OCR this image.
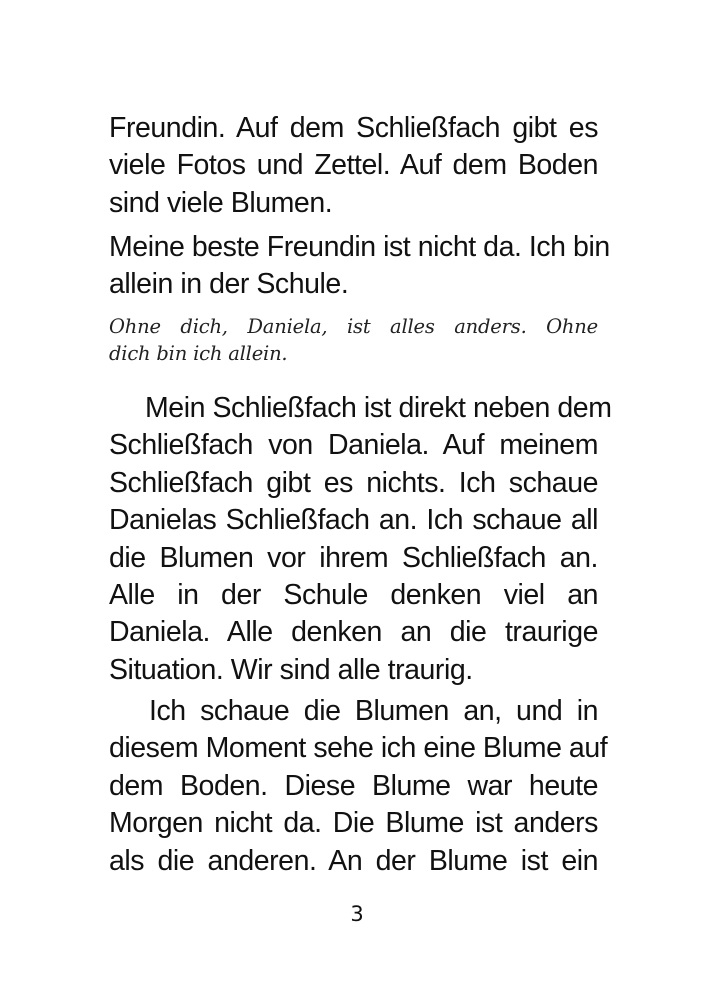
Freundin. Auf dem Schließfach gibt es
viele Fotos und Zettel. Auf dem Boden
sind viele Blumen.
Meine beste Freundin ist nicht da. Ich bin
allein in der Schule.
Ohne dich, Daniela, ist alles anders. Ohne
dich bin ich allein.
Mein Schließfach ist direkt neben dem
Schließfach von Daniela. Auf meinem
Schließfach gibt es nichts. Ich schaue
Danielas Schließfach an. Ich schaue all
die Blumen vor ihrem Schließfach an.
Alle in der Schule denken viel an
Daniela. Alle denken an die traurige
Situation. Wir sind alle traurig.
Ich schaue die Blumen an, und in
diesem Moment sehe ich eine Blume auf
dem Boden. Diese Blume war heute
Morgen nicht da. Die Blume ist anders
als die anderen. An der Blume ist ein
3
